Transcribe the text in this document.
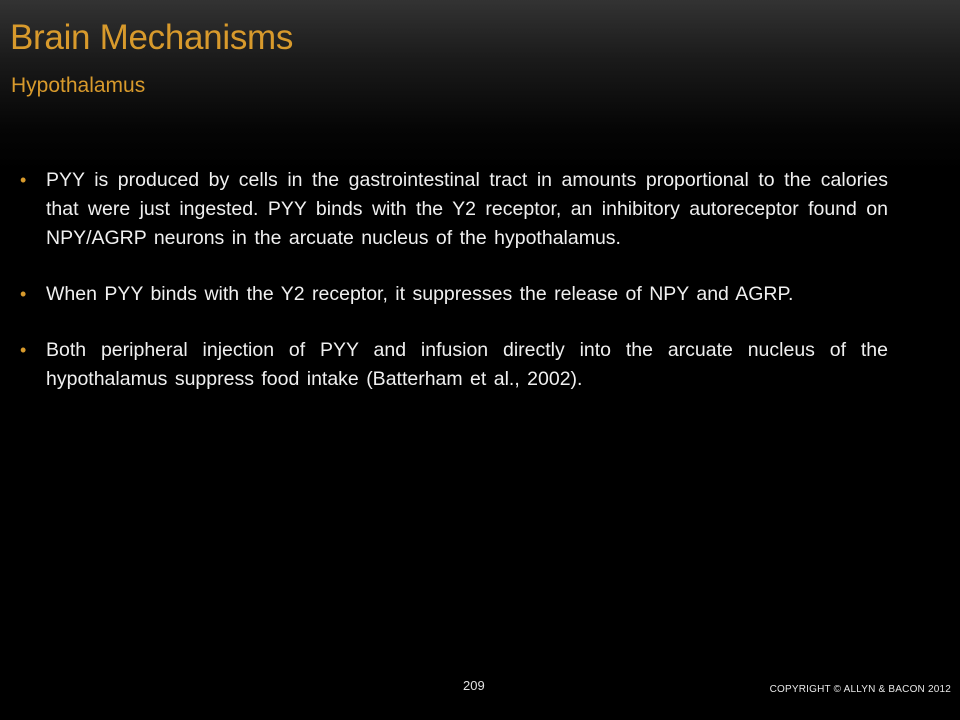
Brain Mechanisms
Hypothalamus
• PYY is produced by cells in the gastrointestinal tract in amounts proportional to the calories that were just ingested. PYY binds with the Y2 receptor, an inhibitory autoreceptor found on NPY/AGRP neurons in the arcuate nucleus of the hypothalamus.
• When PYY binds with the Y2 receptor, it suppresses the release of NPY and AGRP.
• Both peripheral injection of PYY and infusion directly into the arcuate nucleus of the hypothalamus suppress food intake (Batterham et al., 2002).
209	COPYRIGHT © ALLYN & BACON 2012
